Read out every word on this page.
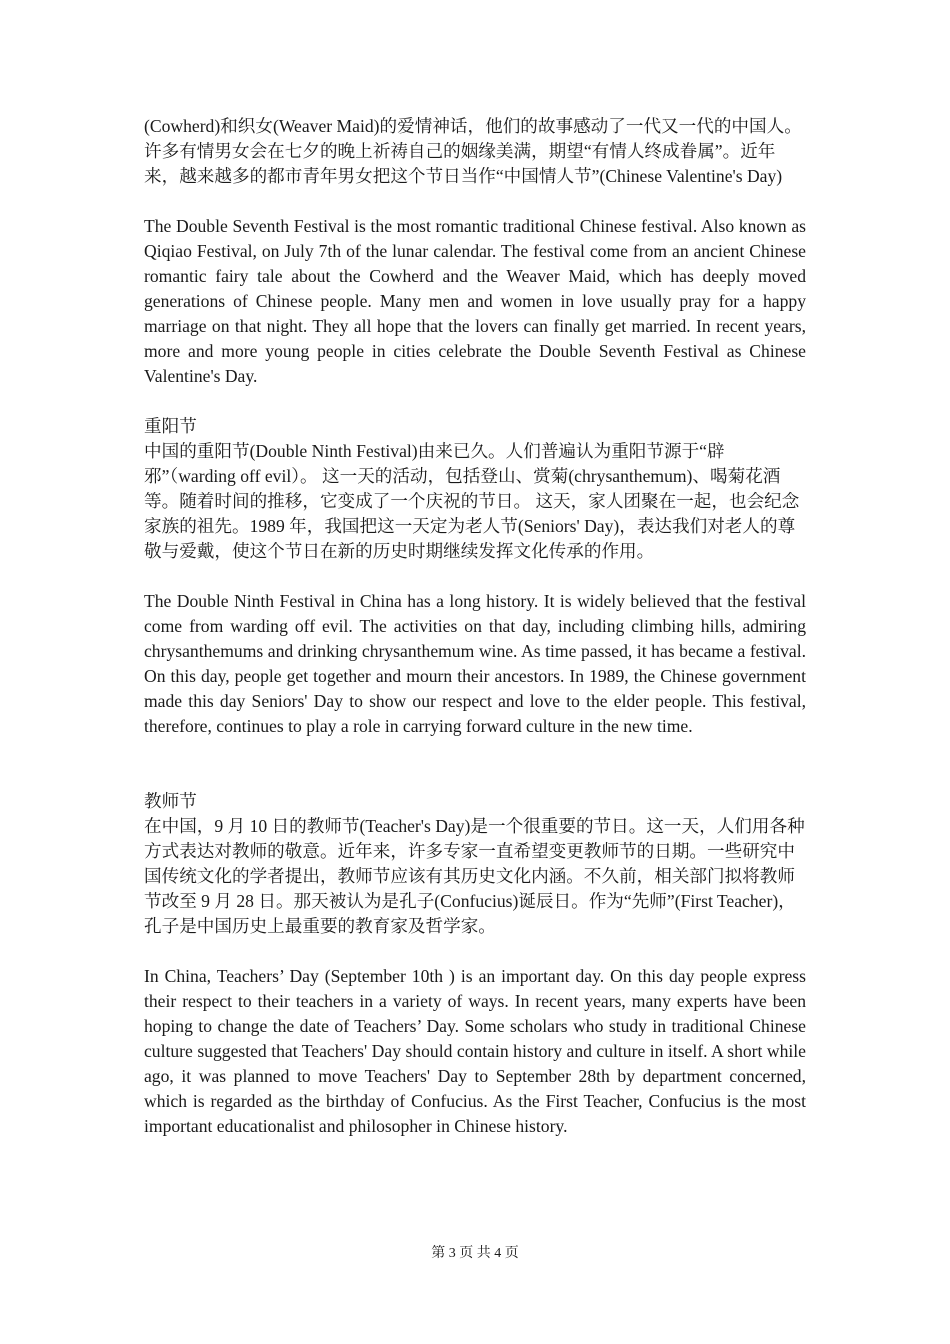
(Cowherd)和织女(Weaver Maid)的爱情神话，他们的故事感动了一代又一代的中国人。许多有情男女会在七夕的晚上祈祷自己的姻缘美满，期望“有情人终成眷属”。近年来，越来越多的都市青年男女把这个节日当作“中国情人节”(Chinese Valentine's Day)

The Double Seventh Festival is the most romantic traditional Chinese festival. Also known as Qiqiao Festival, on July 7th of the lunar calendar. The festival come from an ancient Chinese romantic fairy tale about the Cowherd and the Weaver Maid, which has deeply moved generations of Chinese people. Many men and women in love usually pray for a happy marriage on that night. They all hope that the lovers can finally get married. In recent years, more and more young people in cities celebrate the Double Seventh Festival as Chinese Valentine's Day.

重阳节

中国的重阳节(Double Ninth Festival)由来已久。人们普遍认为重阳节源于“辟邪”（warding off evil）。 这一天的活动，包括登山、赏菊(chrysanthemum)、喝菊花酒等。随着时间的推移，它变成了一个庆祝的节日。 这天，家人团聚在一起，也会纪念家族的祖先。1989 年，我国把这一天定为老人节(Seniors' Day)，表达我们对老人的尊敬与爱戴，使这个节日在新的历史时期继续发挥文化传承的作用。

The Double Ninth Festival in China has a long history. It is widely believed that the festival come from warding off evil. The activities on that day, including climbing hills, admiring chrysanthemums and drinking chrysanthemum wine. As time passed, it has became a festival. On this day, people get together and mourn their ancestors. In 1989, the Chinese government made this day Seniors' Day to show our respect and love to the elder people. This festival, therefore, continues to play a role in carrying forward culture in the new time.

教师节

在中国，9 月 10 日的教师节(Teacher's Day)是一个很重要的节日。这一天，人们用各种方式表达对教师的敬意。近年来，许多专家一直希望变更教师节的日期。一些研究中国传统文化的学者提出，教师节应该有其历史文化内涵。不久前，相关部门拟将教师节改至 9 月 28 日。那天被认为是孔子(Confucius)诞辰日。作为“先师”(First Teacher)，孔子是中国历史上最重要的教育家及哲学家。

In China, Teachers’ Day (September 10th ) is an important day. On this day people express their respect to their teachers in a variety of ways. In recent years, many experts have been hoping to change the date of Teachers’ Day. Some scholars who study in traditional Chinese culture suggested that Teachers' Day should contain history and culture in itself. A short while ago, it was planned to move Teachers' Day to September 28th by department concerned, which is regarded as the birthday of Confucius. As the First Teacher, Confucius is the most important educationalist and philosopher in Chinese history.

第 3 页 共 4 页
